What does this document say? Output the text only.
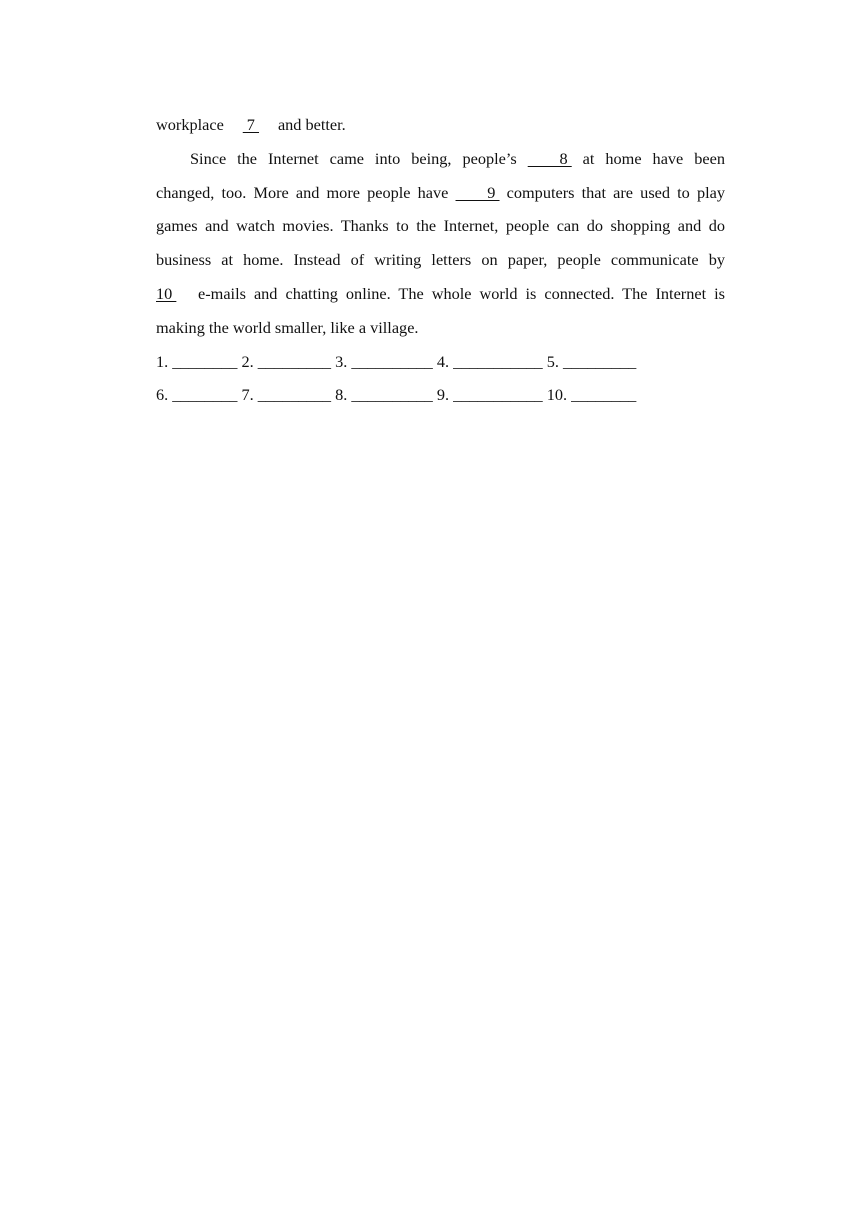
workplace  7  and better.
Since the Internet came into being, people’s  8  at home have been
changed, too. More and more people have  9  computers that are used to play
games and watch movies. Thanks to the Internet, people can do shopping and do
business at home. Instead of writing letters on paper, people communicate by
10  e-mails and chatting online. The whole world is connected. The Internet is
making the world smaller, like a village.
1. ________ 2. _________ 3. __________ 4. ___________ 5. _________
6. ________ 7. _________ 8. __________ 9. ___________ 10. ________
